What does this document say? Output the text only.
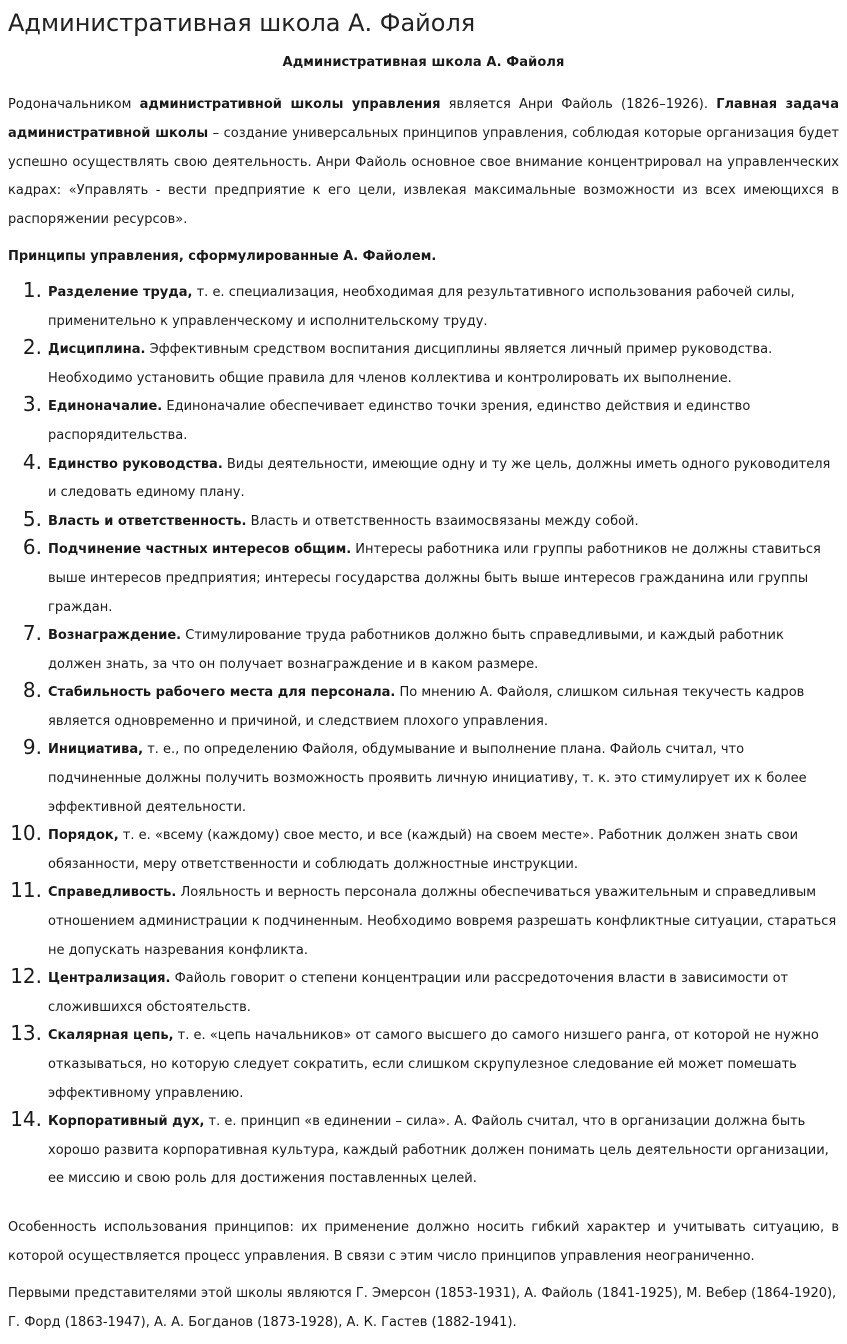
Административная школа А. Файоля
Административная школа А. Файоля

Родоначальником административной школы управления является Анри Файоль (1826–1926). Главная задача административной школы – создание универсальных принципов управления, соблюдая которые организация будет успешно осуществлять свою деятельность. Анри Файоль основное свое внимание концентрировал на управленческих кадрах: «Управлять - вести предприятие к его цели, извлекая максимальные возможности из всех имеющихся в распоряжении ресурсов».

Принципы управления, сформулированные А. Файолем.
1. Разделение труда, т. е. специализация, необходимая для результативного использования рабочей силы, применительно к управленческому и исполнительскому труду.
2. Дисциплина. Эффективным средством воспитания дисциплины является личный пример руководства. Необходимо установить общие правила для членов коллектива и контролировать их выполнение.
3. Единоначалие. Единоначалие обеспечивает единство точки зрения, единство действия и единство распорядительства.
4. Единство руководства. Виды деятельности, имеющие одну и ту же цель, должны иметь одного руководителя и следовать единому плану.
5. Власть и ответственность. Власть и ответственность взаимосвязаны между собой.
6. Подчинение частных интересов общим. Интересы работника или группы работников не должны ставиться выше интересов предприятия; интересы государства должны быть выше интересов гражданина или группы граждан.
7. Вознаграждение. Стимулирование труда работников должно быть справедливыми, и каждый работник должен знать, за что он получает вознаграждение и в каком размере.
8. Стабильность рабочего места для персонала. По мнению А. Файоля, слишком сильная текучесть кадров является одновременно и причиной, и следствием плохого управления.
9. Инициатива, т. е., по определению Файоля, обдумывание и выполнение плана. Файоль считал, что подчиненные должны получить возможность проявить личную инициативу, т. к. это стимулирует их к более эффективной деятельности.
10. Порядок, т. е. «всему (каждому) свое место, и все (каждый) на своем месте». Работник должен знать свои обязанности, меру ответственности и соблюдать должностные инструкции.
11. Справедливость. Лояльность и верность персонала должны обеспечиваться уважительным и справедливым отношением администрации к подчиненным. Необходимо вовремя разрешать конфликтные ситуации, стараться не допускать назревания конфликта.
12. Централизация. Файоль говорит о степени концентрации или рассредоточения власти в зависимости от сложившихся обстоятельств.
13. Скалярная цепь, т. е. «цепь начальников» от самого высшего до самого низшего ранга, от которой не нужно отказываться, но которую следует сократить, если слишком скрупулезное следование ей может помешать эффективному управлению.
14. Корпоративный дух, т. е. принцип «в единении – сила». А. Файоль считал, что в организации должна быть хорошо развита корпоративная культура, каждый работник должен понимать цель деятельности организации, ее миссию и свою роль для достижения поставленных целей.

Особенность использования принципов: их применение должно носить гибкий характер и учитывать ситуацию, в которой осуществляется процесс управления. В связи с этим число принципов управления неограниченно.

Первыми представителями этой школы являются Г. Эмерсон (1853-1931), А. Файоль (1841-1925), М. Вебер (1864-1920), Г. Форд (1863-1947), А. А. Богданов (1873-1928), А. К. Гастев (1882-1941).
